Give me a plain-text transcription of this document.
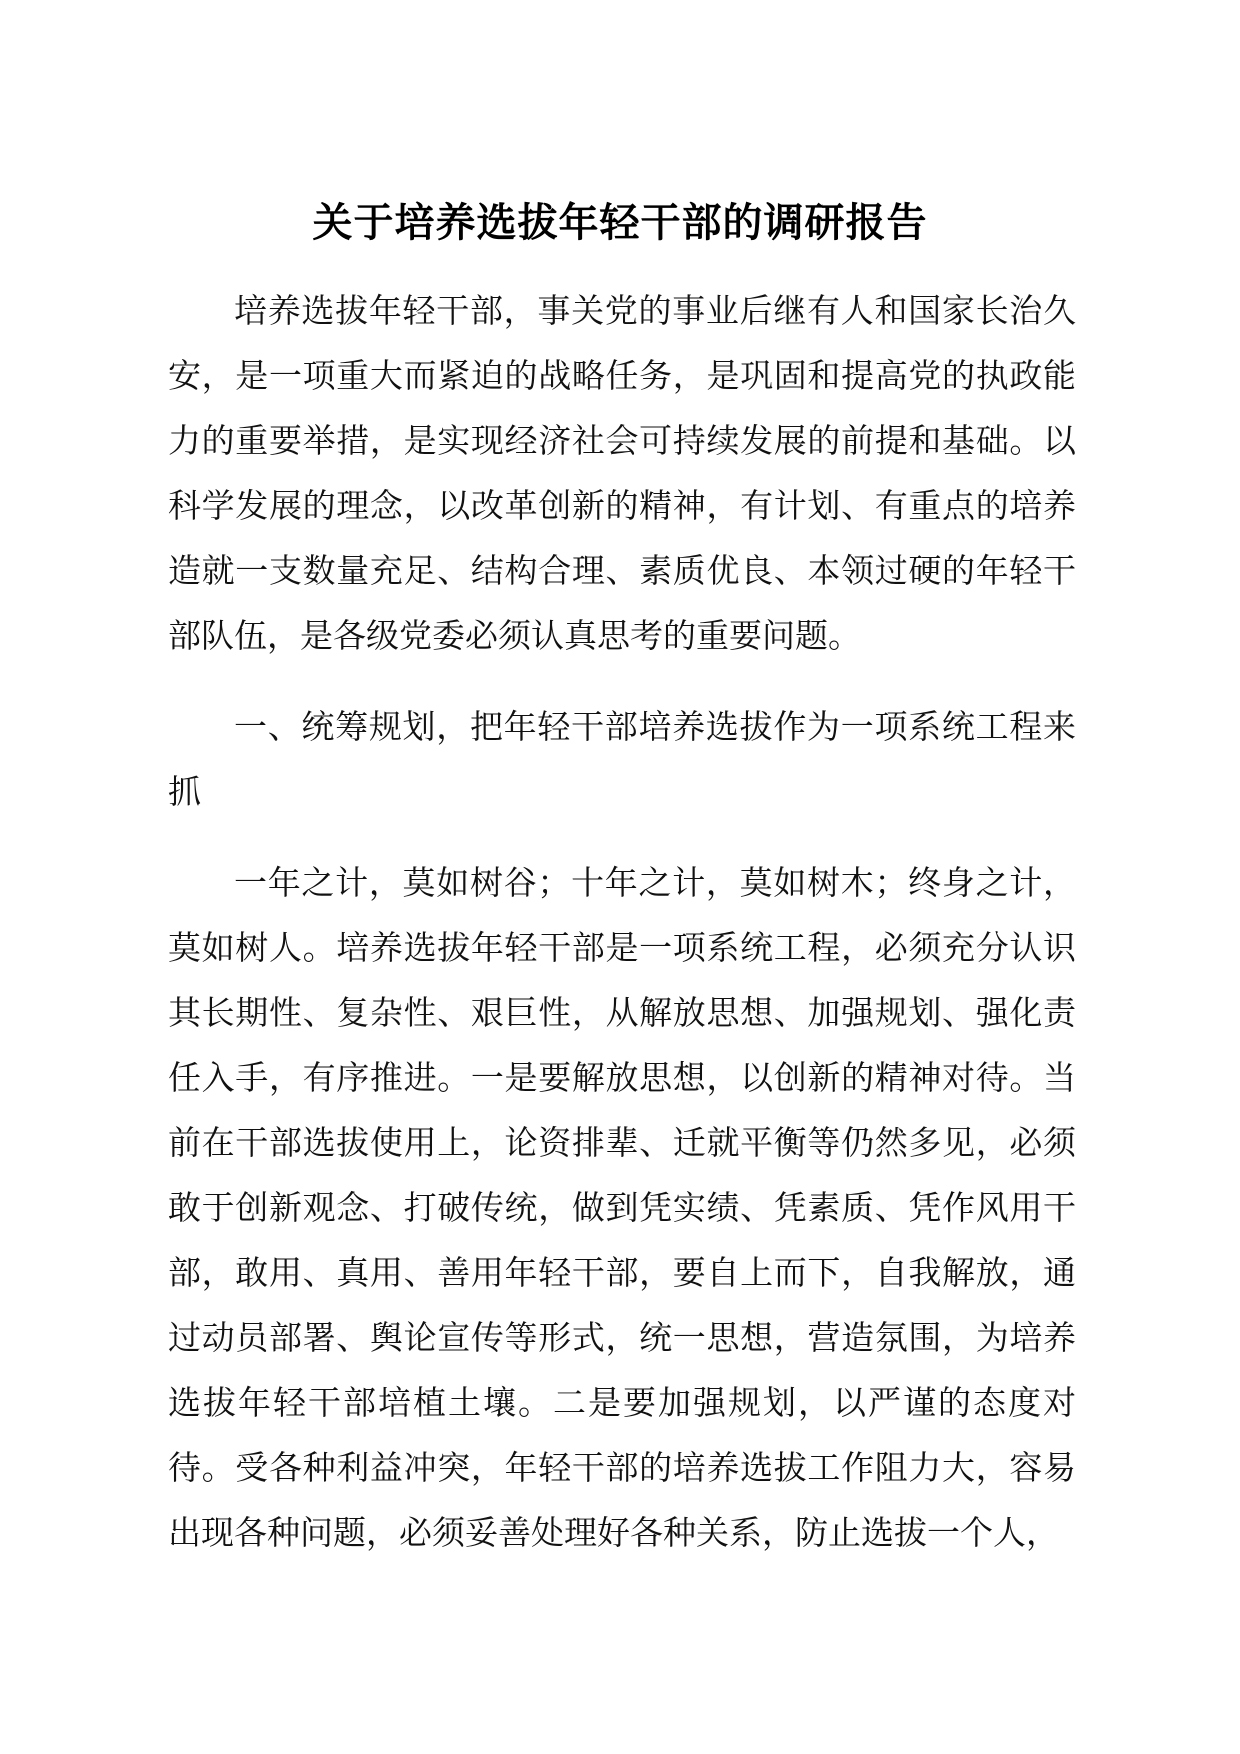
关于培养选拔年轻干部的调研报告

培养选拔年轻干部，事关党的事业后继有人和国家长治久安，是一项重大而紧迫的战略任务，是巩固和提高党的执政能力的重要举措，是实现经济社会可持续发展的前提和基础。以科学发展的理念，以改革创新的精神，有计划、有重点的培养造就一支数量充足、结构合理、素质优良、本领过硬的年轻干部队伍，是各级党委必须认真思考的重要问题。

一、统筹规划，把年轻干部培养选拔作为一项系统工程来抓

一年之计，莫如树谷；十年之计，莫如树木；终身之计，莫如树人。培养选拔年轻干部是一项系统工程，必须充分认识其长期性、复杂性、艰巨性，从解放思想、加强规划、强化责任入手，有序推进。一是要解放思想，以创新的精神对待。当前在干部选拔使用上，论资排辈、迁就平衡等仍然多见，必须敢于创新观念、打破传统，做到凭实绩、凭素质、凭作风用干部，敢用、真用、善用年轻干部，要自上而下，自我解放，通过动员部署、舆论宣传等形式，统一思想，营造氛围，为培养选拔年轻干部培植土壤。二是要加强规划，以严谨的态度对待。受各种利益冲突，年轻干部的培养选拔工作阻力大，容易出现各种问题，必须妥善处理好各种关系，防止选拔一个人，
